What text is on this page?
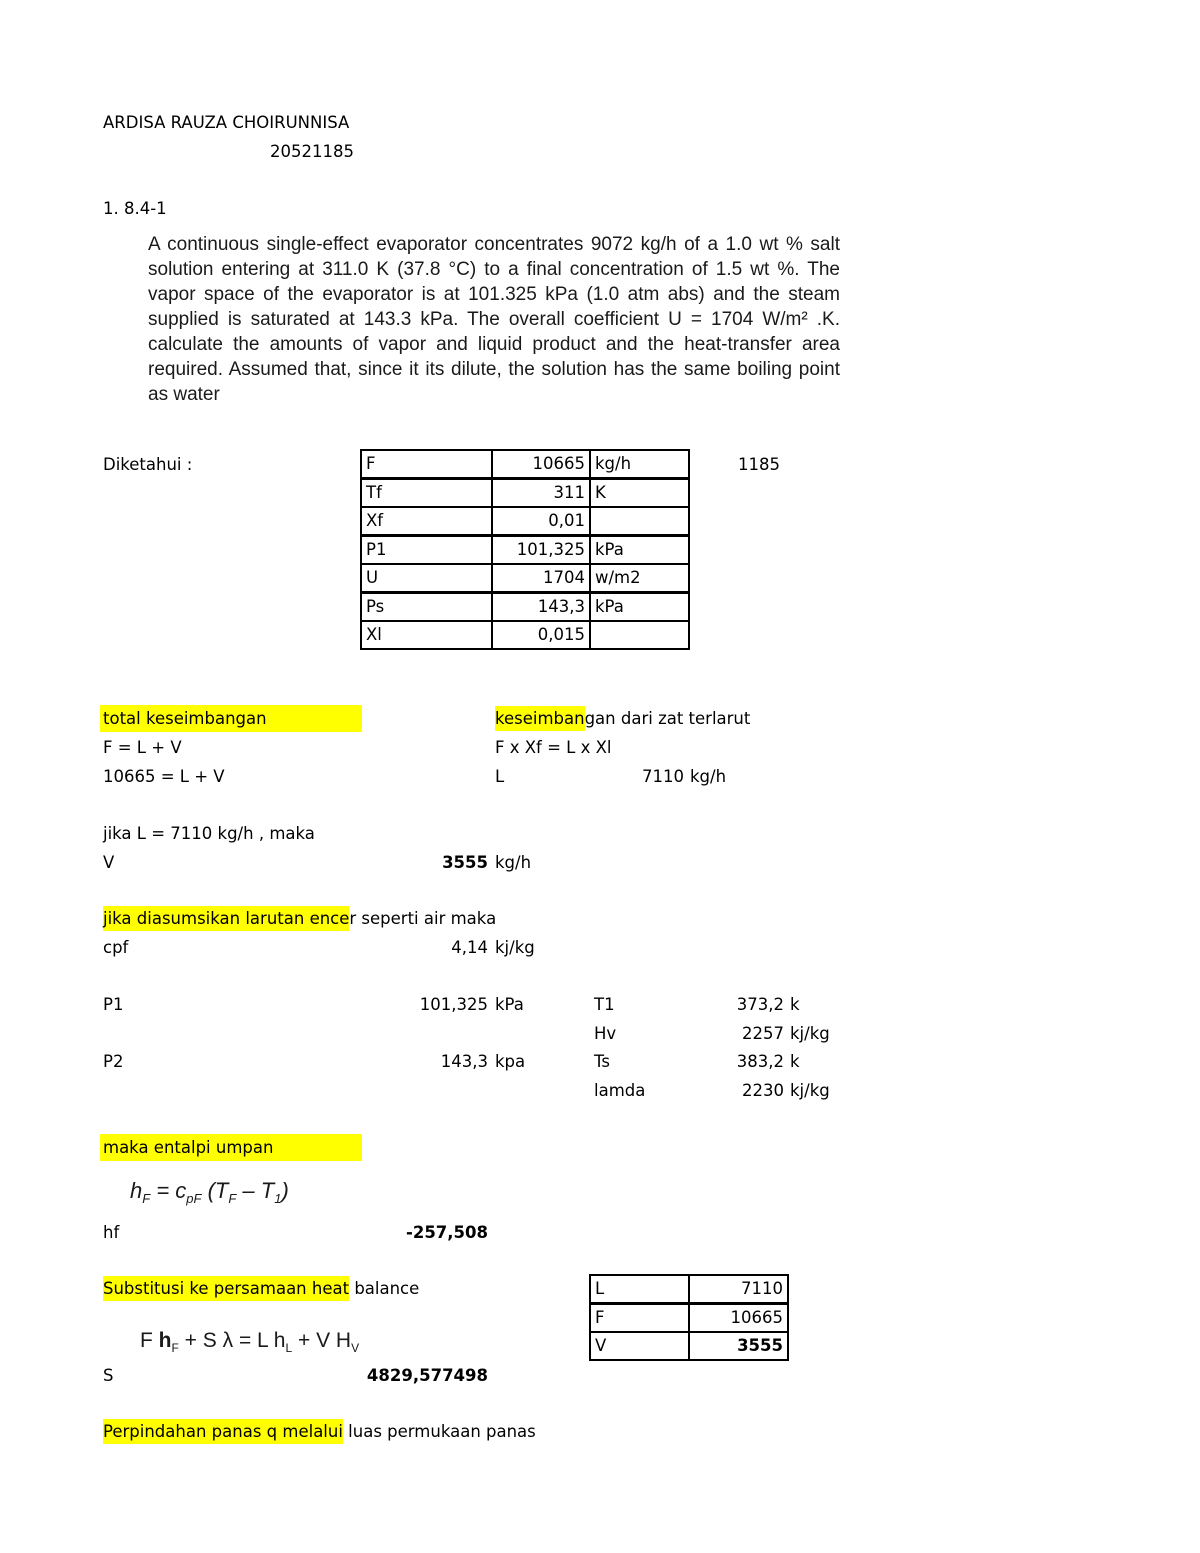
ARDISA RAUZA CHOIRUNNISA
20521185
1. 8.4-1
A continuous single-effect evaporator concentrates 9072 kg/h of a 1.0 wt % salt solution entering at 311.0 K (37.8 °C) to a final concentration of 1.5 wt %. The vapor space of the evaporator is at 101.325 kPa (1.0 atm abs) and the steam supplied is saturated at 143.3 kPa. The overall coefficient U = 1704 W/m² .K. calculate the amounts of vapor and liquid product and the heat-transfer area required. Assumed that, since it its dilute, the solution has the same boiling point as water
Diketahui :	1185
F	10665 kg/h
Tf	311 K
Xf	0,01
P1	101,325 kPa
U	1704 w/m2
Ps	143,3 kPa
Xl	0,015
total keseimbangan
F = L + V
10665 = L + V
jika L = 7110 kg/h , maka
V	3555 kg/h
keseimbangan dari zat terlarut
F x Xf = L x Xl
L	7110 kg/h
jika diasumsikan larutan encer seperti air maka
cpf	4,14 kj/kg
P1	101,325 kPa
P2	143,3 kpa
T1	373,2 k
Hv	2257 kj/kg
Ts	383,2 k
lamda	2230 kj/kg
maka entalpi umpan
$h_F = c_{pF}$ $(T_F - T_1)$
hf	-257,508
Substitusi ke persamaan heat balance
F $h_F + S$ λ = L $h_L + V$ $H_V$
S	4829,577498
L	7110
F	10665
V	3555
Perpindahan panas q melalui luas permukaan panas
